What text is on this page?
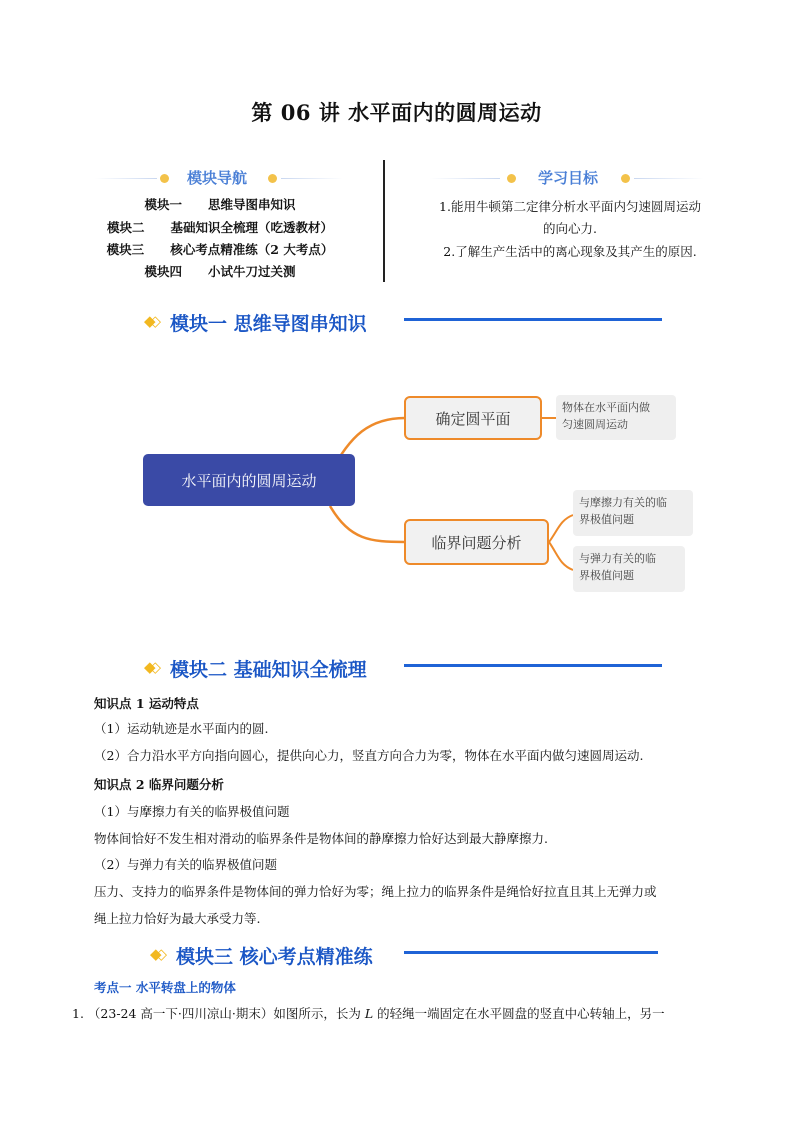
第 06 讲 水平面内的圆周运动
模块导航
模块一      思维导图串知识
模块二      基础知识全梳理（吃透教材）
模块三      核心考点精准练（2 大考点）
模块四      小试牛刀过关测
学习目标
1.能用牛顿第二定律分析水平面内匀速圆周运动
的向心力.
2.了解生产生活中的离心现象及其产生的原因.
◆◇ 模块一 思维导图串知识
水平面内的圆周运动
确定圆平面
临界问题分析
物体在水平面内做
匀速圆周运动
与摩擦力有关的临
界极值问题
与弹力有关的临
界极值问题
◆◇ 模块二 基础知识全梳理
知识点 1 运动特点
（1）运动轨迹是水平面内的圆.
（2）合力沿水平方向指向圆心，提供向心力，竖直方向合力为零，物体在水平面内做匀速圆周运动.
知识点 2 临界问题分析
（1）与摩擦力有关的临界极值问题
物体间恰好不发生相对滑动的临界条件是物体间的静摩擦力恰好达到最大静摩擦力.
（2）与弹力有关的临界极值问题
压力、支持力的临界条件是物体间的弹力恰好为零；绳上拉力的临界条件是绳恰好拉直且其上无弹力或
绳上拉力恰好为最大承受力等.
◆◇ 模块三 核心考点精准练
考点一 水平转盘上的物体
1. （23-24 高一下·四川凉山·期末）如图所示，长为 L 的轻绳一端固定在水平圆盘的竖直中心转轴上，另一
